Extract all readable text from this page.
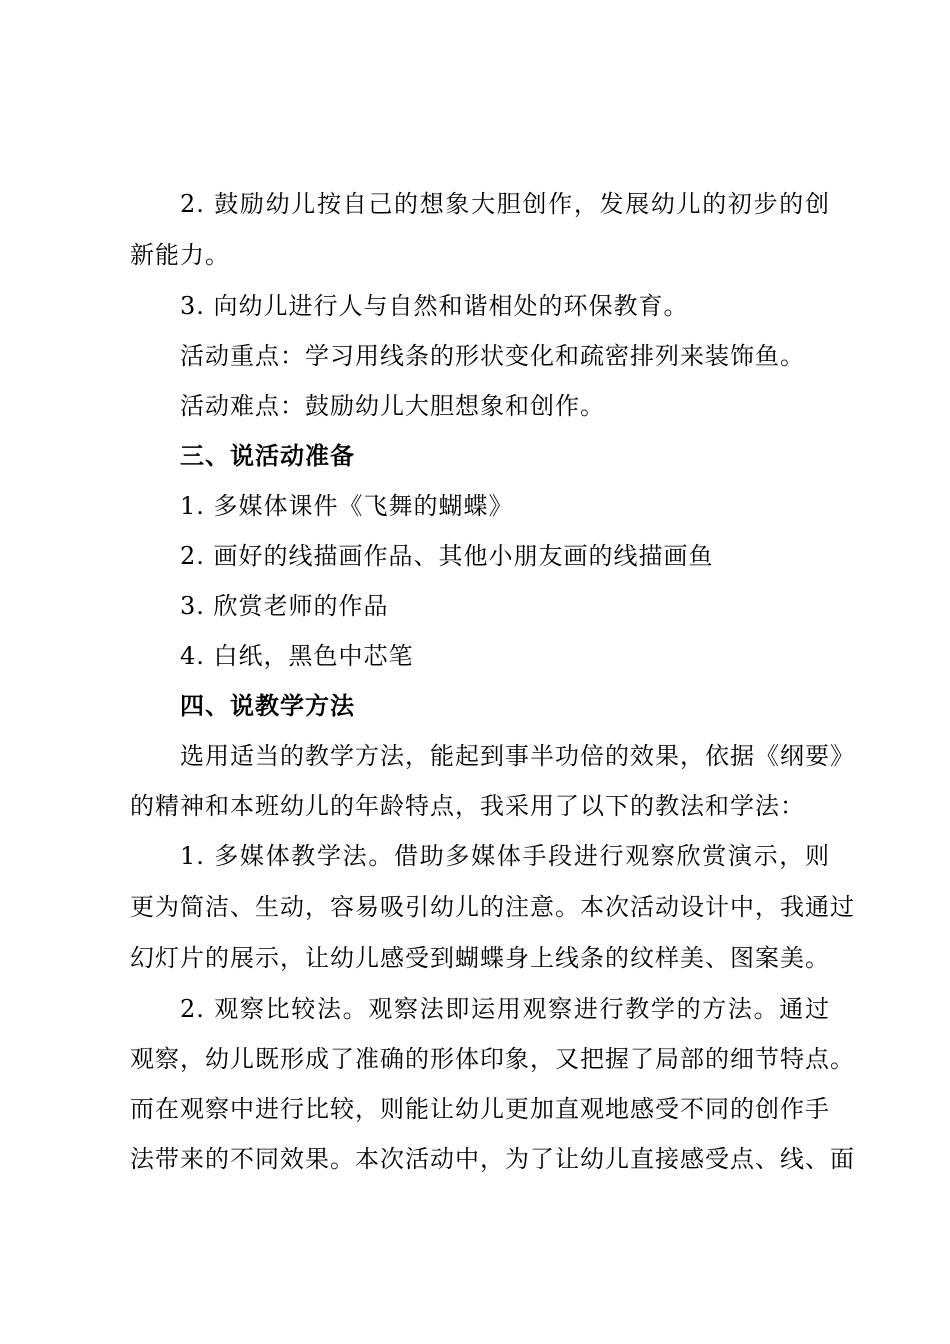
2. 鼓励幼儿按自己的想象大胆创作，发展幼儿的初步的创
新能力。
3. 向幼儿进行人与自然和谐相处的环保教育。
活动重点：学习用线条的形状变化和疏密排列来装饰鱼。
活动难点：鼓励幼儿大胆想象和创作。
三、说活动准备
1. 多媒体课件《飞舞的蝴蝶》
2. 画好的线描画作品、其他小朋友画的线描画鱼
3. 欣赏老师的作品
4. 白纸，黑色中芯笔
四、说教学方法
选用适当的教学方法，能起到事半功倍的效果，依据《纲要》
的精神和本班幼儿的年龄特点，我采用了以下的教法和学法：
1. 多媒体教学法。借助多媒体手段进行观察欣赏演示，则
更为简洁、生动，容易吸引幼儿的注意。本次活动设计中，我通过
幻灯片的展示，让幼儿感受到蝴蝶身上线条的纹样美、图案美。
2. 观察比较法。观察法即运用观察进行教学的方法。通过
观察，幼儿既形成了准确的形体印象，又把握了局部的细节特点。
而在观察中进行比较，则能让幼儿更加直观地感受不同的创作手
法带来的不同效果。本次活动中，为了让幼儿直接感受点、线、面
